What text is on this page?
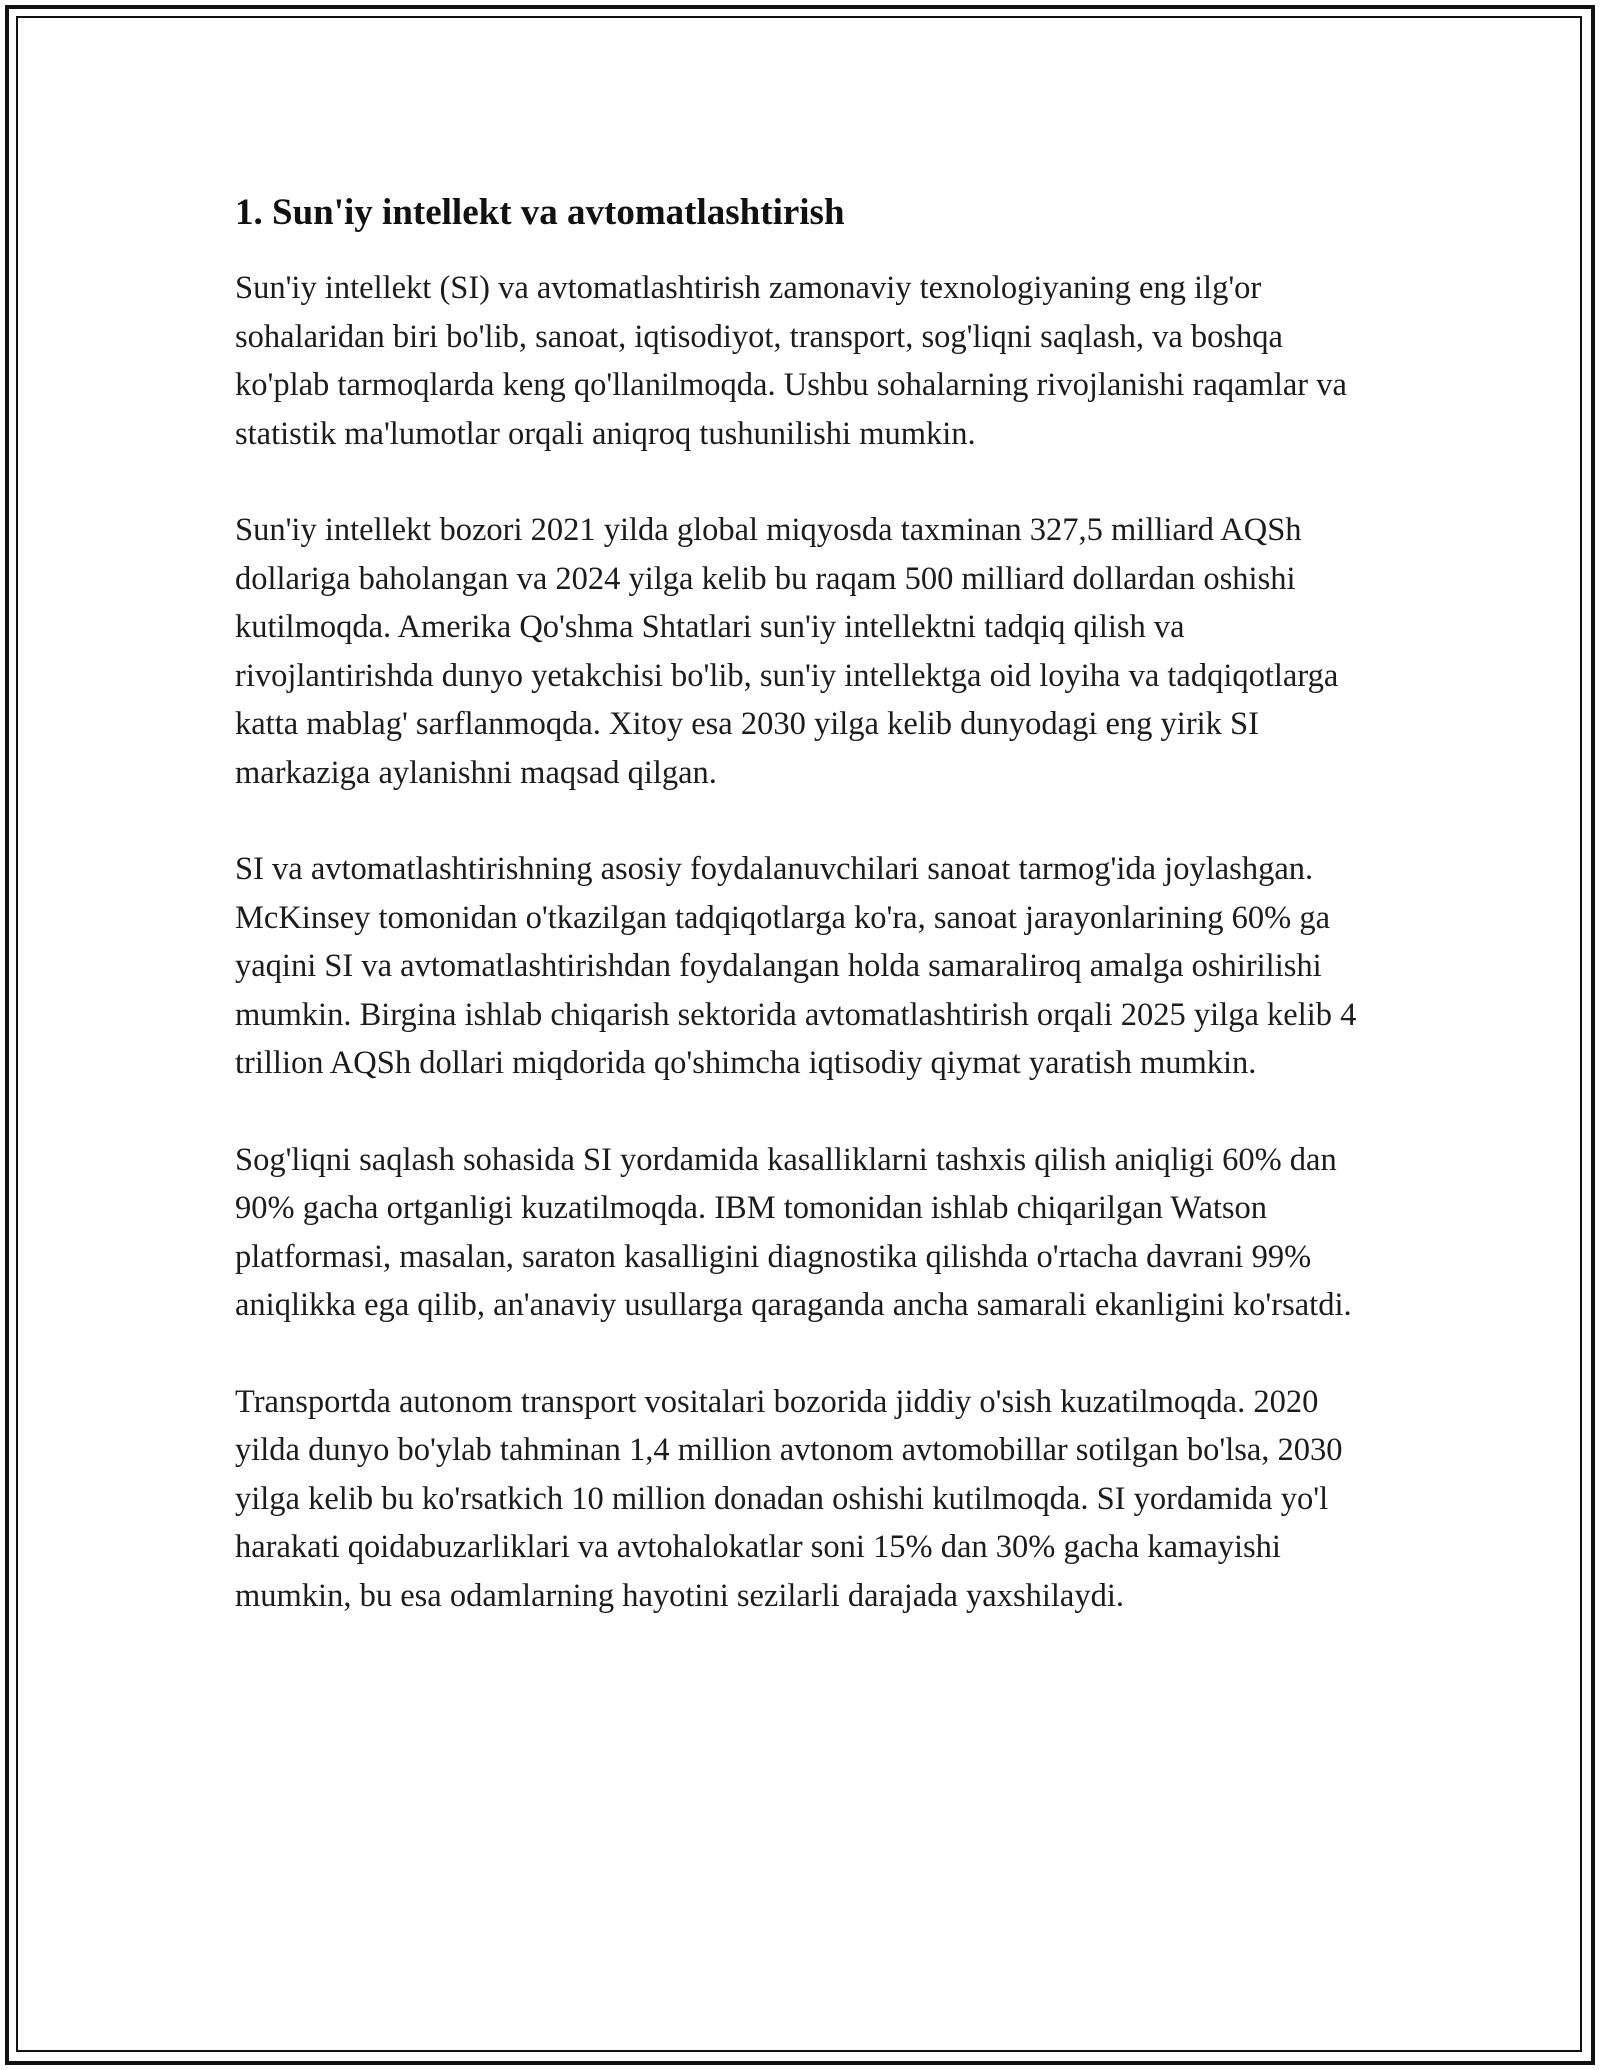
1. Sun'iy intellekt va avtomatlashtirish

Sun'iy intellekt (SI) va avtomatlashtirish zamonaviy texnologiyaning eng ilg'or sohalaridan biri bo'lib, sanoat, iqtisodiyot, transport, sog'liqni saqlash, va boshqa ko'plab tarmoqlarda keng qo'llanilmoqda. Ushbu sohalarning rivojlanishi raqamlar va statistik ma'lumotlar orqali aniqroq tushunilishi mumkin.

Sun'iy intellekt bozori 2021 yilda global miqyosda taxminan 327,5 milliard AQSh dollariga baholangan va 2024 yilga kelib bu raqam 500 milliard dollardan oshishi kutilmoqda. Amerika Qo'shma Shtatlari sun'iy intellektni tadqiq qilish va rivojlantirishda dunyo yetakchisi bo'lib, sun'iy intellektga oid loyiha va tadqiqotlarga katta mablag' sarflanmoqda. Xitoy esa 2030 yilga kelib dunyodagi eng yirik SI markaziga aylanishni maqsad qilgan.

SI va avtomatlashtirishning asosiy foydalanuvchilari sanoat tarmog'ida joylashgan. McKinsey tomonidan o'tkazilgan tadqiqotlarga ko'ra, sanoat jarayonlarining 60% ga yaqini SI va avtomatlashtirishdan foydalangan holda samaraliroq amalga oshirilishi mumkin. Birgina ishlab chiqarish sektorida avtomatlashtirish orqali 2025 yilga kelib 4 trillion AQSh dollari miqdorida qo'shimcha iqtisodiy qiymat yaratish mumkin.

Sog'liqni saqlash sohasida SI yordamida kasalliklarni tashxis qilish aniqligi 60% dan 90% gacha ortganligi kuzatilmoqda. IBM tomonidan ishlab chiqarilgan Watson platformasi, masalan, saraton kasalligini diagnostika qilishda o'rtacha davrani 99% aniqlikka ega qilib, an'anaviy usullarga qaraganda ancha samarali ekanligini ko'rsatdi.

Transportda autonom transport vositalari bozorida jiddiy o'sish kuzatilmoqda. 2020 yilda dunyo bo'ylab tahminan 1,4 million avtonom avtomobillar sotilgan bo'lsa, 2030 yilga kelib bu ko'rsatkich 10 million donadan oshishi kutilmoqda. SI yordamida yo'l harakati qoidabuzarliklari va avtohalokatlar soni 15% dan 30% gacha kamayishi mumkin, bu esa odamlarning hayotini sezilarli darajada yaxshilaydi.
